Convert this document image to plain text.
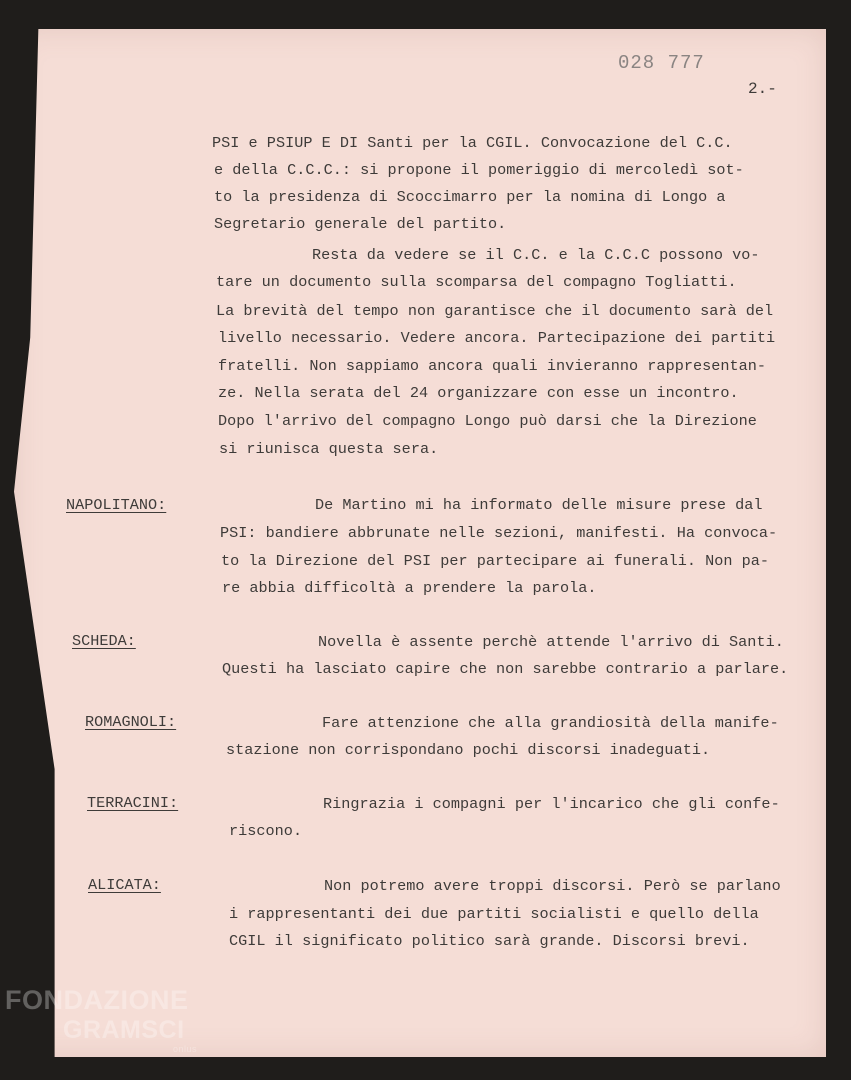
028 777
2.-
PSI e PSIUP E DI Santi per la CGIL. Convocazione del C.C.
e della C.C.C.: si propone il pomeriggio di mercoledì sot-
to la presidenza di Scoccimarro per la nomina di Longo a
Segretario generale del partito.
Resta da vedere se il C.C. e la C.C.C possono vo-
tare un documento sulla scomparsa del compagno Togliatti.
La brevità del tempo non garantisce che il documento sarà del
livello necessario. Vedere ancora. Partecipazione dei partiti
fratelli. Non sappiamo ancora quali invieranno rappresentan-
ze. Nella serata del 24 organizzare con esse un incontro.
Dopo l'arrivo del compagno Longo può darsi che la Direzione
si riunisca questa sera.
NAPOLITANO:	De Martino mi ha informato delle misure prese dal
PSI: bandiere abbrunate nelle sezioni, manifesti. Ha convoca-
to la Direzione del PSI per partecipare ai funerali. Non pa-
re abbia difficoltà a prendere la parola.
SCHEDA:	Novella è assente perchè attende l'arrivo di Santi.
Questi ha lasciato capire che non sarebbe contrario a parlare.
ROMAGNOLI:	Fare attenzione che alla grandiosità della manife-
stazione non corrispondano pochi discorsi inadeguati.
TERRACINI:	Ringrazia i compagni per l'incarico che gli confe-
riscono.
ALICATA:	Non potremo avere troppi discorsi. Però se parlano
i rappresentanti dei due partiti socialisti e quello della
CGIL il significato politico sarà grande. Discorsi brevi.
FONDAZIONE
GRAMSCI
onlus
